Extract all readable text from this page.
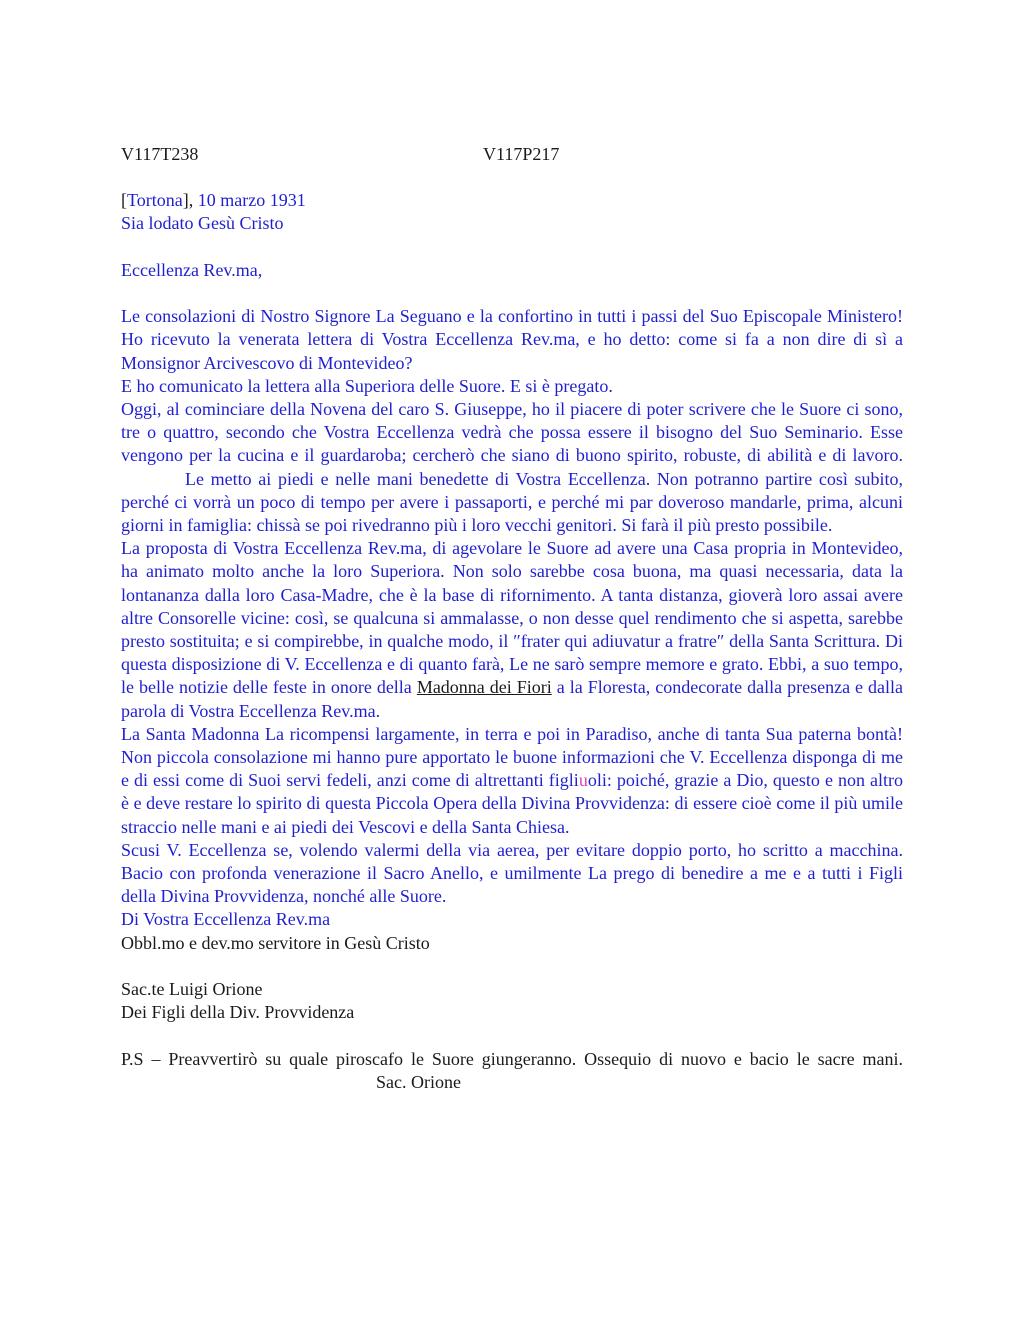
V117T238	V117P217
[Tortona], 10 marzo 1931
Sia lodato Gesù Cristo
Eccellenza Rev.ma,

Le consolazioni di Nostro Signore La Seguano e la confortino in tutti i passi del Suo Episcopale Ministero! Ho ricevuto la venerata lettera di Vostra Eccellenza Rev.ma, e ho detto: come si fa a non dire di sì a Monsignor Arcivescovo di Montevideo?

E ho comunicato la lettera alla Superiora delle Suore. E si è pregato.

Oggi, al cominciare della Novena del caro S. Giuseppe, ho il piacere di poter scrivere che le Suore ci sono, tre o quattro, secondo che Vostra Eccellenza vedrà che possa essere il bisogno del Suo Seminario. Esse vengono per la cucina e il guardaroba; cercherò che siano di buono spirito, robuste, di abilità e di lavoro.Le metto ai piedi e nelle mani benedette di Vostra Eccellenza. Non potranno partire così subito, perché ci vorrà un poco di tempo per avere i passaporti, e perché mi par doveroso mandarle, prima, alcuni giorni in famiglia: chissà se poi rivedranno più i loro vecchi genitori. Si farà il più presto possibile.

La proposta di Vostra Eccellenza Rev.ma, di agevolare le Suore ad avere una Casa propria in Montevideo, ha animato molto anche la loro Superiora. Non solo sarebbe cosa buona, ma quasi necessaria, data la lontananza dalla loro Casa-Madre, che è la base di rifornimento. A tanta distanza, gioverà loro assai avere altre Consorelle vicine: così, se qualcuna si ammalasse, o non desse quel rendimento che si aspetta, sarebbe presto sostituita; e si compirebbe, in qualche modo, il ″frater qui adiuvatur a fratre″ della Santa Scrittura. Di questa disposizione di V. Eccellenza e di quanto farà, Le ne sarò sempre memore e grato. Ebbi, a suo tempo, le belle notizie delle feste in onore della Madonna dei Fiori a la Floresta, condecorate dalla presenza e dalla parola di Vostra Eccellenza Rev.ma.

La Santa Madonna La ricompensi largamente, in terra e poi in Paradiso, anche di tanta Sua paterna bontà! Non piccola consolazione mi hanno pure apportato le buone informazioni che V. Eccellenza disponga di me e di essi come di Suoi servi fedeli, anzi come di altrettanti figliuoli: poiché, grazie a Dio, questo e non altro è e deve restare lo spirito di questa Piccola Opera della Divina Provvidenza: di essere cioè come il più umile straccio nelle mani e ai piedi dei Vescovi e della Santa Chiesa.

Scusi V. Eccellenza se, volendo valermi della via aerea, per evitare doppio porto, ho scritto a macchina. Bacio con profonda venerazione il Sacro Anello, e umilmente La prego di benedire a me e a tutti i Figli della Divina Provvidenza, nonché alle Suore.

Di Vostra Eccellenza Rev.ma
Obbl.mo e dev.mo servitore in Gesù Cristo
Sac.te Luigi Orione
Dei Figli della Div. Provvidenza

P.S – Preavvertirò su quale piroscafo le Suore giungeranno. Ossequio di nuovo e bacio le sacre mani.Sac. Orione
